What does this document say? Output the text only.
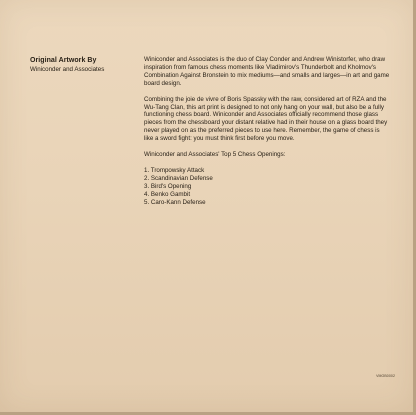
Original Artwork By
Winiconder and Associates

Winiconder and Associates is the duo of Clay Conder and Andrew Winistorfer, who draw inspiration from famous chess moments like Vladimirov's Thunderbolt and Kholmov's Combination Against Bronstein to mix mediums—and smalls and larges—in art and game board design.

Combining the joie de vivre of Boris Spassky with the raw, considered art of RZA and the Wu-Tang Clan, this art print is designed to not only hang on your wall, but also be a fully functioning chess board. Winiconder and Associates officially recommend those glass pieces from the chessboard your distant relative had in their house on a glass board they never played on as the preferred pieces to use here. Remember, the game of chess is like a sword fight: you must think first before you move.

Winiconder and Associates' Top 5 Chess Openings:

1. Trompowsky Attack
2. Scandinavian Defense
3. Bird's Opening
4. Benko Gambit
5. Caro-Kann Defense
VMOB0002
